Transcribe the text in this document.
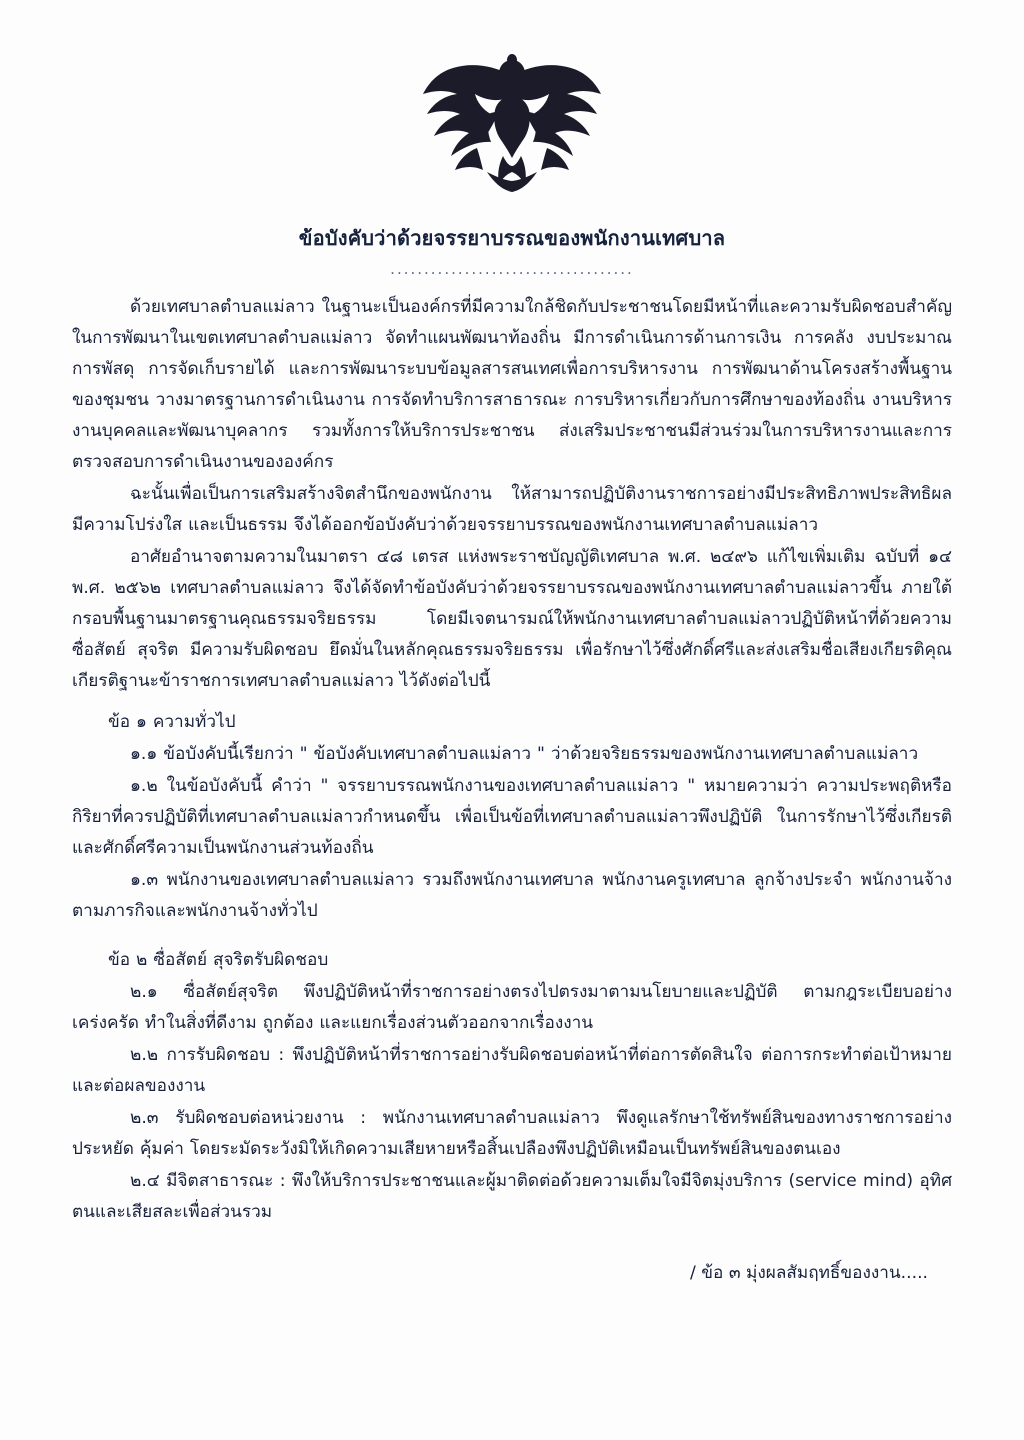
ข้อบังคับว่าด้วยจรรยาบรรณของพนักงานเทศบาล
....................................

ด้วยเทศบาลตำบลแม่ลาว ในฐานะเป็นองค์กรที่มีความใกล้ชิดกับประชาชนโดยมีหน้าที่และความรับผิดชอบสำคัญในการพัฒนาในเขตเทศบาลตำบลแม่ลาว จัดทำแผนพัฒนาท้องถิ่น มีการดำเนินการด้านการเงิน การคลัง งบประมาณ การพัสดุ การจัดเก็บรายได้ และการพัฒนาระบบข้อมูลสารสนเทศเพื่อการบริหารงาน การพัฒนาด้านโครงสร้างพื้นฐานของชุมชน วางมาตรฐานการดำเนินงาน การจัดทำบริการสาธารณะ การบริหารเกี่ยวกับการศึกษาของท้องถิ่น งานบริหารงานบุคคลและพัฒนาบุคลากร รวมทั้งการให้บริการประชาชน ส่งเสริมประชาชนมีส่วนร่วมในการบริหารงานและการตรวจสอบการดำเนินงานขององค์กร

ฉะนั้นเพื่อเป็นการเสริมสร้างจิตสำนึกของพนักงาน ให้สามารถปฏิบัติงานราชการอย่างมีประสิทธิภาพประสิทธิผล มีความโปร่งใส และเป็นธรรม จึงได้ออกข้อบังคับว่าด้วยจรรยาบรรณของพนักงานเทศบาลตำบลแม่ลาว

อาศัยอำนาจตามความในมาตรา ๔๘ เตรส แห่งพระราชบัญญัติเทศบาล พ.ศ. ๒๔๙๖ แก้ไขเพิ่มเติม ฉบับที่ ๑๔ พ.ศ. ๒๕๖๒ เทศบาลตำบลแม่ลาว จึงได้จัดทำข้อบังคับว่าด้วยจรรยาบรรณของพนักงานเทศบาลตำบลแม่ลาวขึ้น ภายใต้กรอบพื้นฐานมาตรฐานคุณธรรมจริยธรรม โดยมีเจตนารมณ์ให้พนักงานเทศบาลตำบลแม่ลาวปฏิบัติหน้าที่ด้วยความซื่อสัตย์ สุจริต มีความรับผิดชอบ ยึดมั่นในหลักคุณธรรมจริยธรรม เพื่อรักษาไว้ซึ่งศักดิ์ศรีและส่งเสริมชื่อเสียงเกียรติคุณ เกียรติฐานะข้าราชการเทศบาลตำบลแม่ลาว ไว้ดังต่อไปนี้

ข้อ ๑ ความทั่วไป

๑.๑ ข้อบังคับนี้เรียกว่า " ข้อบังคับเทศบาลตำบลแม่ลาว " ว่าด้วยจริยธรรมของพนักงานเทศบาลตำบลแม่ลาว

๑.๒ ในข้อบังคับนี้ คำว่า " จรรยาบรรณพนักงานของเทศบาลตำบลแม่ลาว " หมายความว่า ความประพฤติหรือกิริยาที่ควรปฏิบัติที่เทศบาลตำบลแม่ลาวกำหนดขึ้น เพื่อเป็นข้อที่เทศบาลตำบลแม่ลาวพึงปฏิบัติ ในการรักษาไว้ซึ่งเกียรติและศักดิ์ศรีความเป็นพนักงานส่วนท้องถิ่น

๑.๓ พนักงานของเทศบาลตำบลแม่ลาว รวมถึงพนักงานเทศบาล พนักงานครูเทศบาล ลูกจ้างประจำ พนักงานจ้างตามภารกิจและพนักงานจ้างทั่วไป

ข้อ ๒ ซื่อสัตย์ สุจริตรับผิดชอบ

๒.๑ ซื่อสัตย์สุจริต พึงปฏิบัติหน้าที่ราชการอย่างตรงไปตรงมาตามนโยบายและปฏิบัติ ตามกฎระเบียบอย่างเคร่งครัด ทำในสิ่งที่ดีงาม ถูกต้อง และแยกเรื่องส่วนตัวออกจากเรื่องงาน

๒.๒ การรับผิดชอบ : พึงปฏิบัติหน้าที่ราชการอย่างรับผิดชอบต่อหน้าที่ต่อการตัดสินใจ ต่อการกระทำต่อเป้าหมายและต่อผลของงาน

๒.๓ รับผิดชอบต่อหน่วยงาน : พนักงานเทศบาลตำบลแม่ลาว พึงดูแลรักษาใช้ทรัพย์สินของทางราชการอย่างประหยัด คุ้มค่า โดยระมัดระวังมิให้เกิดความเสียหายหรือสิ้นเปลืองพึงปฏิบัติเหมือนเป็นทรัพย์สินของตนเอง

๒.๔ มีจิตสาธารณะ : พึงให้บริการประชาชนและผู้มาติดต่อด้วยความเต็มใจมีจิตมุ่งบริการ (service mind) อุทิศตนและเสียสละเพื่อส่วนรวม

/ ข้อ ๓ มุ่งผลสัมฤทธิ์ของงาน.....
